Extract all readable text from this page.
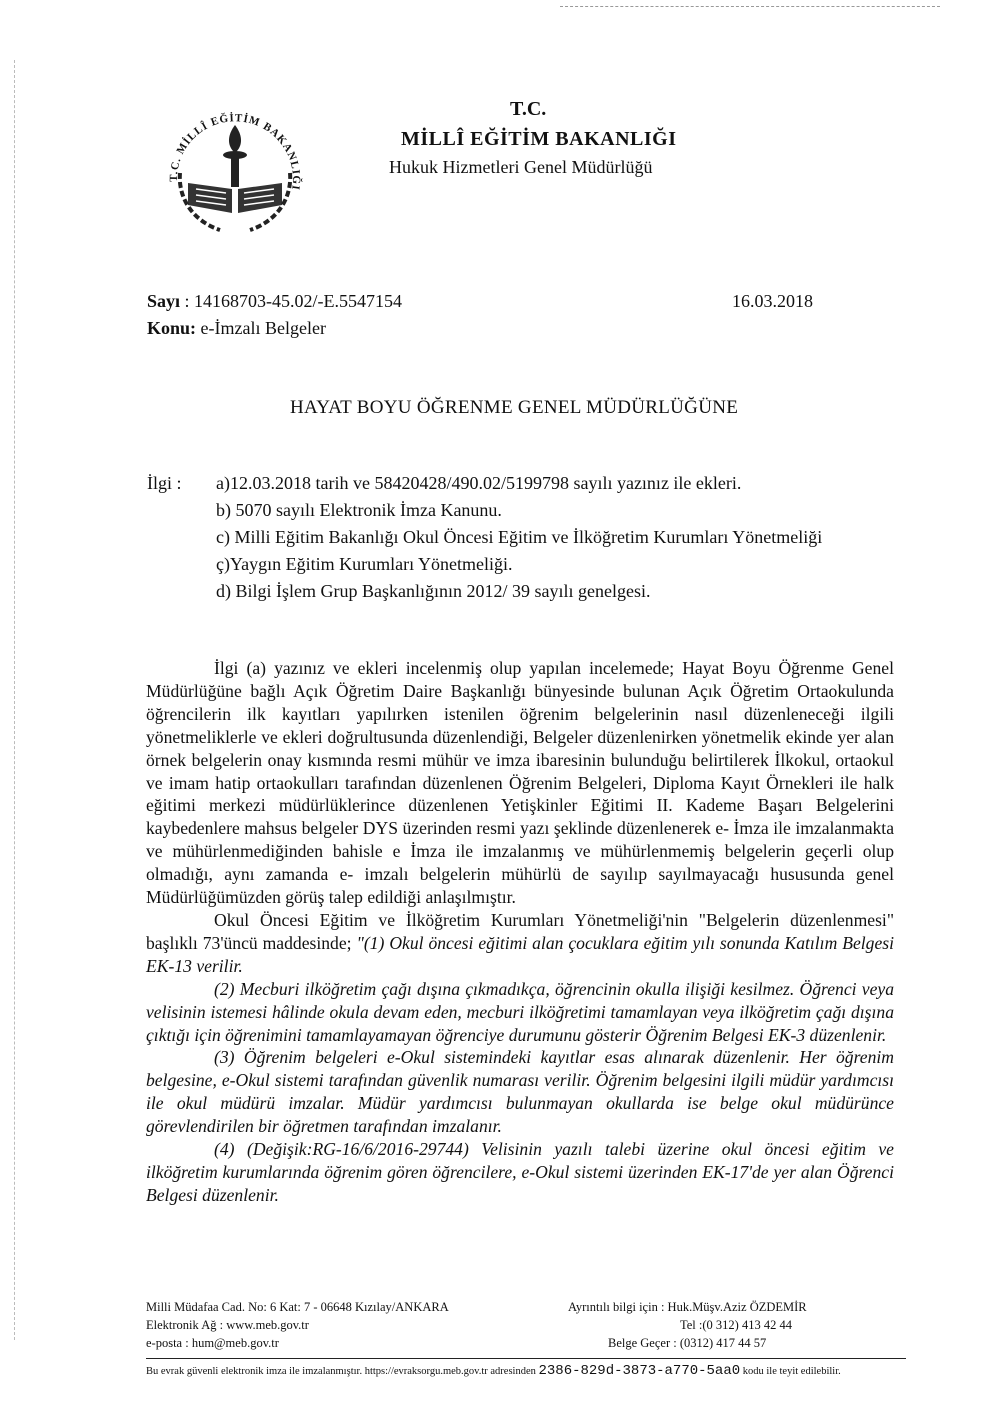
T.C. MİLLÎ EĞİTİM BAKANLIĞI
T.C.
MİLLÎ EĞİTİM BAKANLIĞI
Hukuk Hizmetleri Genel Müdürlüğü
Sayı : 14168703-45.02/-E.5547154	16.03.2018
Konu: e-İmzalı Belgeler
HAYAT BOYU ÖĞRENME GENEL MÜDÜRLÜĞÜNE
İlgi : a)12.03.2018 tarih ve 58420428/490.02/5199798 sayılı yazınız ile ekleri.
b) 5070 sayılı Elektronik İmza Kanunu.
c) Milli Eğitim Bakanlığı Okul Öncesi Eğitim ve İlköğretim Kurumları Yönetmeliği
ç)Yaygın Eğitim Kurumları Yönetmeliği.
d) Bilgi İşlem Grup Başkanlığının 2012/ 39 sayılı genelgesi.

İlgi (a) yazınız ve ekleri incelenmiş olup yapılan incelemede; Hayat Boyu Öğrenme Genel Müdürlüğüne bağlı Açık Öğretim Daire Başkanlığı bünyesinde bulunan Açık Öğretim Ortaokulunda öğrencilerin ilk kayıtları yapılırken istenilen öğrenim belgelerinin nasıl düzenleneceği ilgili yönetmeliklerle ve ekleri doğrultusunda düzenlendiği, Belgeler düzenlenirken yönetmelik ekinde yer alan örnek belgelerin onay kısmında resmi mühür ve imza ibaresinin bulunduğu belirtilerek İlkokul, ortaokul ve imam hatip ortaokulları tarafından düzenlenen Öğrenim Belgeleri, Diploma Kayıt Örnekleri ile halk eğitimi merkezi müdürlüklerince düzenlenen Yetişkinler Eğitimi II. Kademe Başarı Belgelerini kaybedenlere mahsus belgeler DYS üzerinden resmi yazı şeklinde düzenlenerek e- İmza ile imzalanmakta ve mühürlenmediğinden bahisle e İmza ile imzalanmış ve mühürlenmemiş belgelerin geçerli olup olmadığı, aynı zamanda e- imzalı belgelerin mühürlü de sayılıp sayılmayacağı hususunda genel Müdürlüğümüzden görüş talep edildiği anlaşılmıştır.

Okul Öncesi Eğitim ve İlköğretim Kurumları Yönetmeliği'nin "Belgelerin düzenlenmesi" başlıklı 73'üncü maddesinde; "(1) Okul öncesi eğitimi alan çocuklara eğitim yılı sonunda Katılım Belgesi EK-13 verilir.

(2) Mecburi ilköğretim çağı dışına çıkmadıkça, öğrencinin okulla ilişiği kesilmez. Öğrenci veya velisinin istemesi hâlinde okula devam eden, mecburi ilköğretimi tamamlayan veya ilköğretim çağı dışına çıktığı için öğrenimini tamamlayamayan öğrenciye durumunu gösterir Öğrenim Belgesi EK-3 düzenlenir.

(3) Öğrenim belgeleri e-Okul sistemindeki kayıtlar esas alınarak düzenlenir. Her öğrenim belgesine, e-Okul sistemi tarafından güvenlik numarası verilir. Öğrenim belgesini ilgili müdür yardımcısı ile okul müdürü imzalar. Müdür yardımcısı bulunmayan okullarda ise belge okul müdürünce görevlendirilen bir öğretmen tarafından imzalanır.

(4) (Değişik:RG-16/6/2016-29744) Velisinin yazılı talebi üzerine okul öncesi eğitim ve ilköğretim kurumlarında öğrenim gören öğrencilere, e-Okul sistemi üzerinden EK-17'de yer alan Öğrenci Belgesi düzenlenir.

Milli Müdafaa Cad. No: 6 Kat: 7 - 06648 Kızılay/ANKARA
Elektronik Ağ : www.meb.gov.tr
e-posta : hum@meb.gov.tr
Ayrıntılı bilgi için : Huk.Müşv.Aziz ÖZDEMİR
Tel :(0 312) 413 42 44
Belge Geçer : (0312) 417 44 57
Bu evrak güvenli elektronik imza ile imzalanmıştır. https://evraksorgu.meb.gov.tr adresinden 2386-829d-3873-a770-5aa0 kodu ile teyit edilebilir.
